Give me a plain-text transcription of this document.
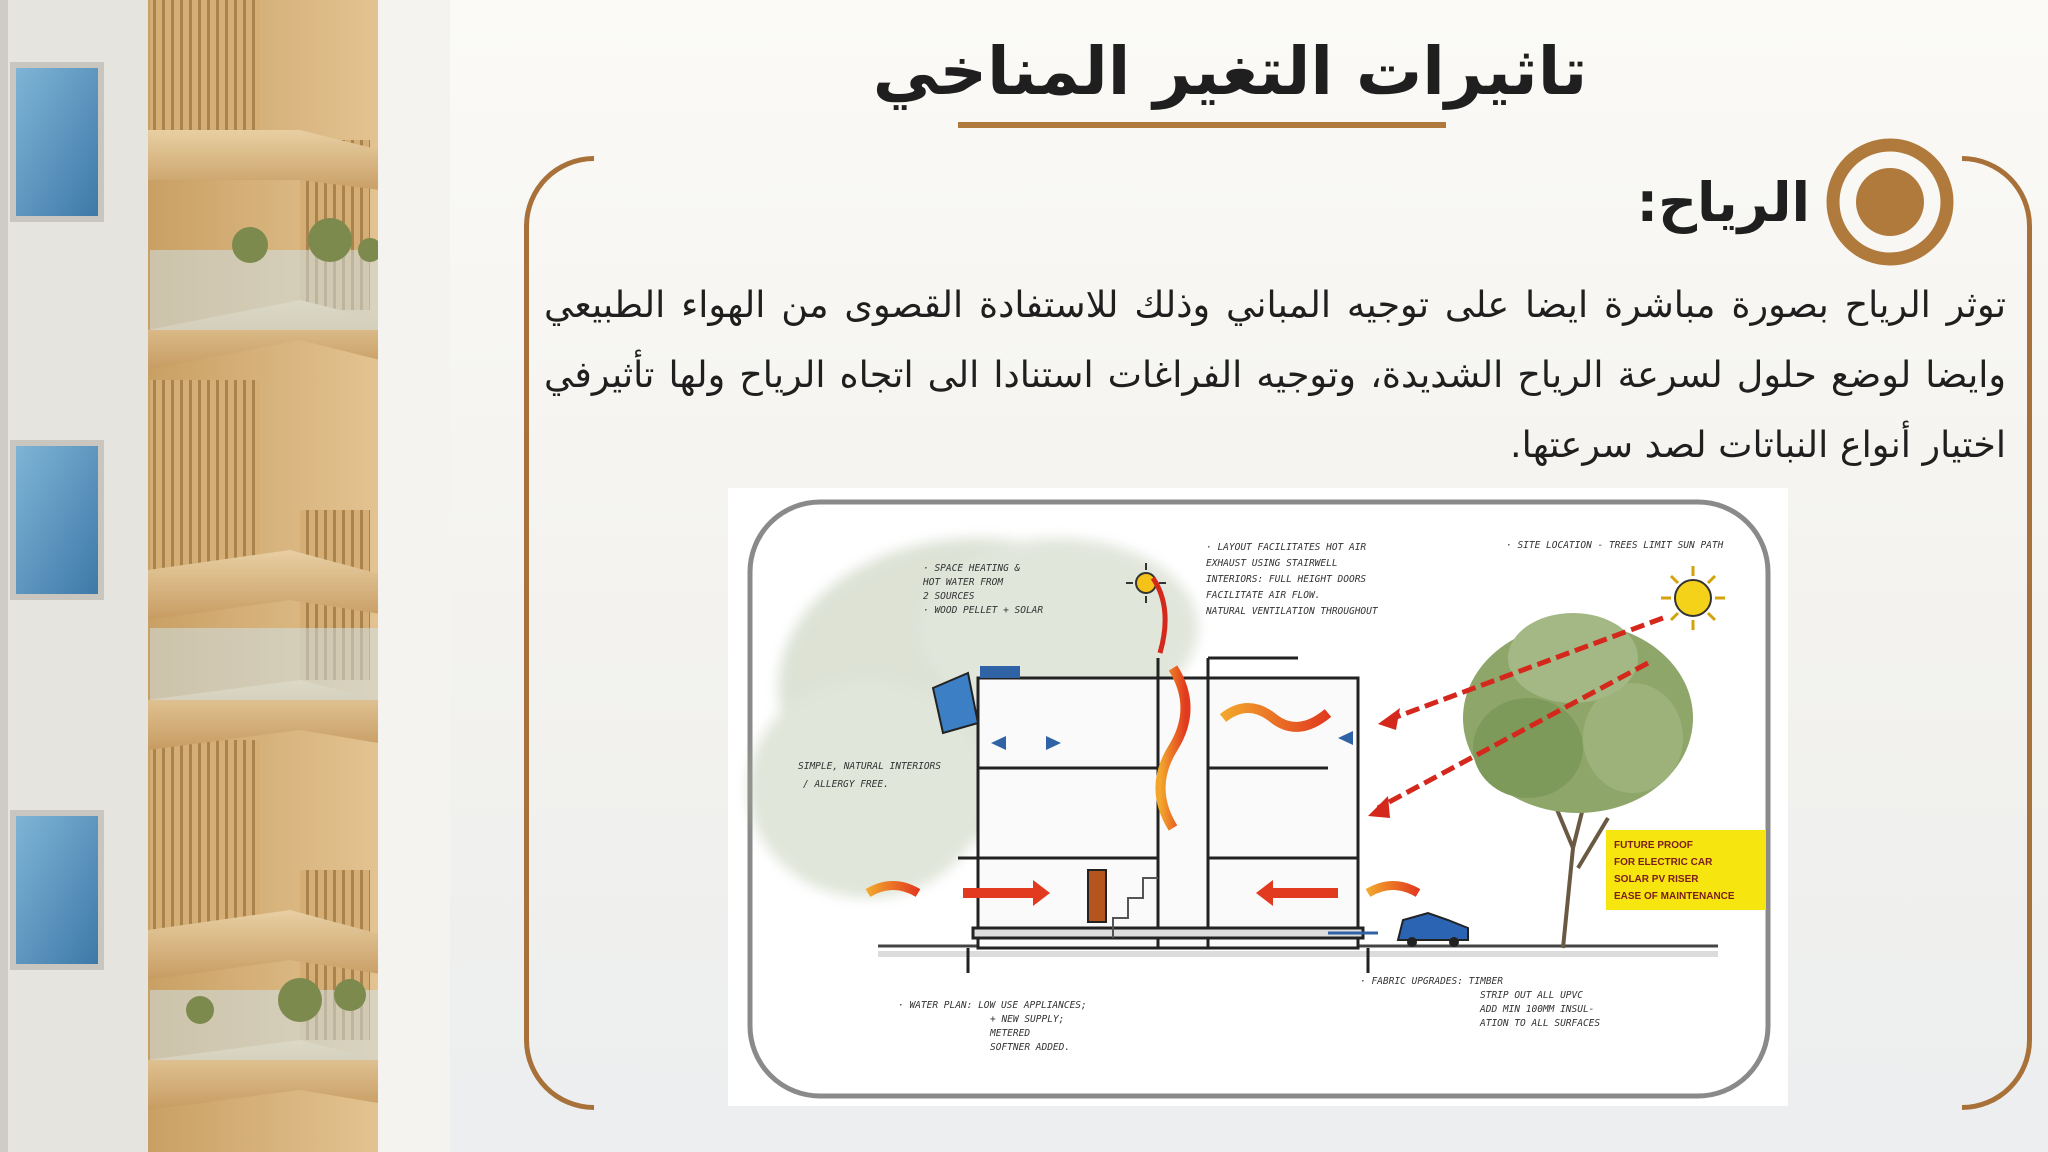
تاثيرات التغير المناخي
الرياح:
توثر الرياح بصورة مباشرة ايضا على توجيه المباني وذلك للاستفادة القصوى من الهواء الطبيعي وايضا لوضع حلول لسرعة الرياح الشديدة، وتوجيه الفراغات استنادا الى اتجاه الرياح ولها تأثيرفي اختيار أنواع النباتات لصد سرعتها.
· SPACE HEATING &
HOT WATER FROM
2 SOURCES
· WOOD PELLET + SOLAR
· LAYOUT FACILITATES HOT AIR
EXHAUST USING STAIRWELL
INTERIORS: FULL HEIGHT DOORS
FACILITATE AIR FLOW.
NATURAL VENTILATION THROUGHOUT
· SITE LOCATION - TREES LIMIT SUN PATH
SIMPLE, NATURAL INTERIORS
/ ALLERGY FREE.
· WATER PLAN: LOW USE APPLIANCES;
+ NEW SUPPLY;
METERED
SOFTNER ADDED.
· FABRIC UPGRADES: TIMBER
STRIP OUT ALL UPVC
ADD MIN 100MM INSUL-
ATION TO ALL SURFACES
FUTURE PROOF
FOR ELECTRIC CAR
SOLAR PV RISER
EASE OF MAINTENANCE
